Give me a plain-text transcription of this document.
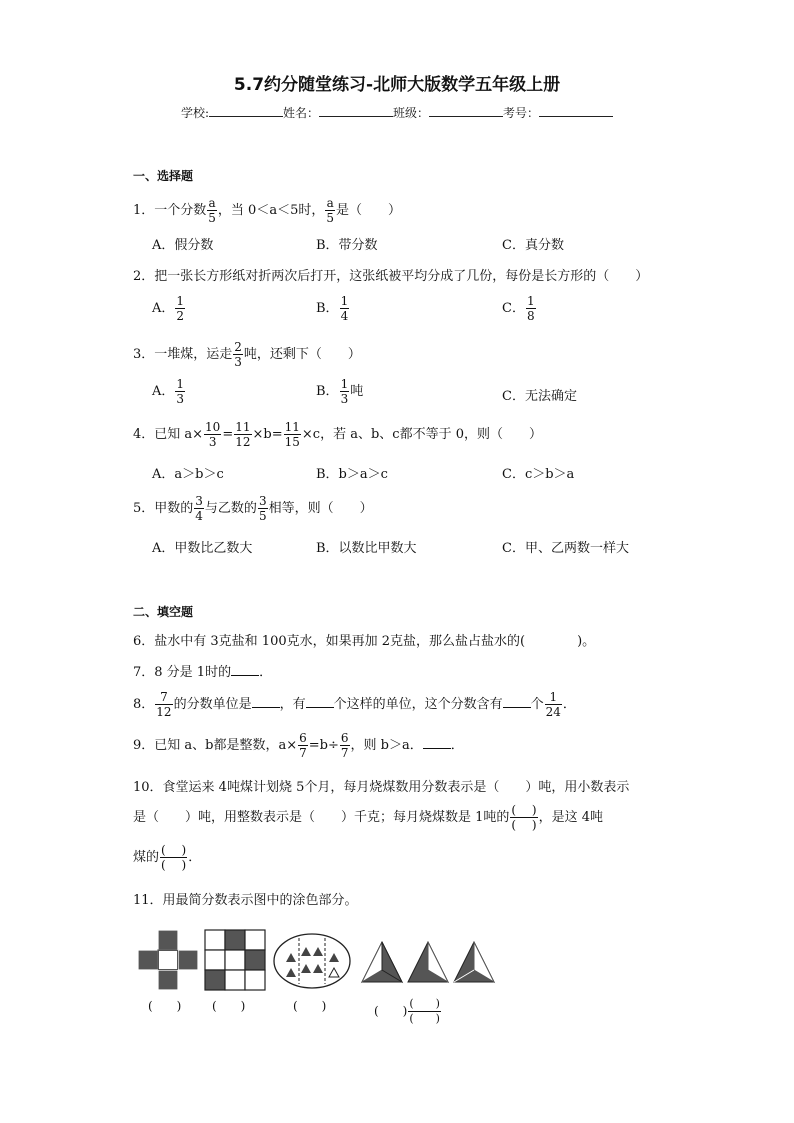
5.7约分随堂练习-北师大版数学五年级上册
学校:	姓名：	班级：	考号：
一、选择题
1．一个分数 $\frac{a}{5}$ ，当 0＜a＜5时， $\frac{a}{5}$ 是（　　）
A．假分数	B．带分数	C．真分数
2．把一张长方形纸对折两次后打开，这张纸被平均分成了几份，每份是长方形的（　　）
A． $\frac{1}{2}$	B． $\frac{1}{4}$	C． $\frac{1}{8}$
3．一堆煤，运走 $\frac{2}{3}$ 吨，还剩下（　　）
A． $\frac{1}{3}$	B． $\frac{1}{3}$ 吨	C．无法确定
4．已知 $a\times \frac{10}{3} = \frac{11}{12} \times b= \frac{11}{15} \times c$，若 a、b、c都不等于 0，则（　　）
A．a＞b＞c	B．b＞a＞c	C．c＞b＞a
5．甲数的 $\frac{3}{4}$ 与乙数的 $\frac{3}{5}$ 相等，则（　　）
A．甲数比乙数大	B．以数比甲数大	C．甲、乙两数一样大
二、填空题
6．盐水中有 3克盐和 100克水，如果再加 2克盐，那么盐占盐水的(　　　　)。
7．8 分是 1时的 ．
8． $\frac{7}{12}$ 的分数单位是 ，有 个这样的单位，这个分数含有 个 $\frac{1}{24}$ ．
9．已知 a、b都是整数，$a\times \frac{6}{7} =b\div \frac{6}{7}$ ，则 b＞a． ．
10．食堂运来 4吨煤计划烧 5个月，每月烧煤数用分数表示是（　　）吨，用小数表示
是（　　）吨，用整数表示是（　　）千克；每月烧煤数是 1吨的 $\frac{( )}{( )}$ ，是这 4吨
煤的 $\frac{( )}{( )}$ ．
11．用最简分数表示图中的涂色部分。
(　　)	(　　)	(　　)	(　　) $\frac{( )}{( )}$
